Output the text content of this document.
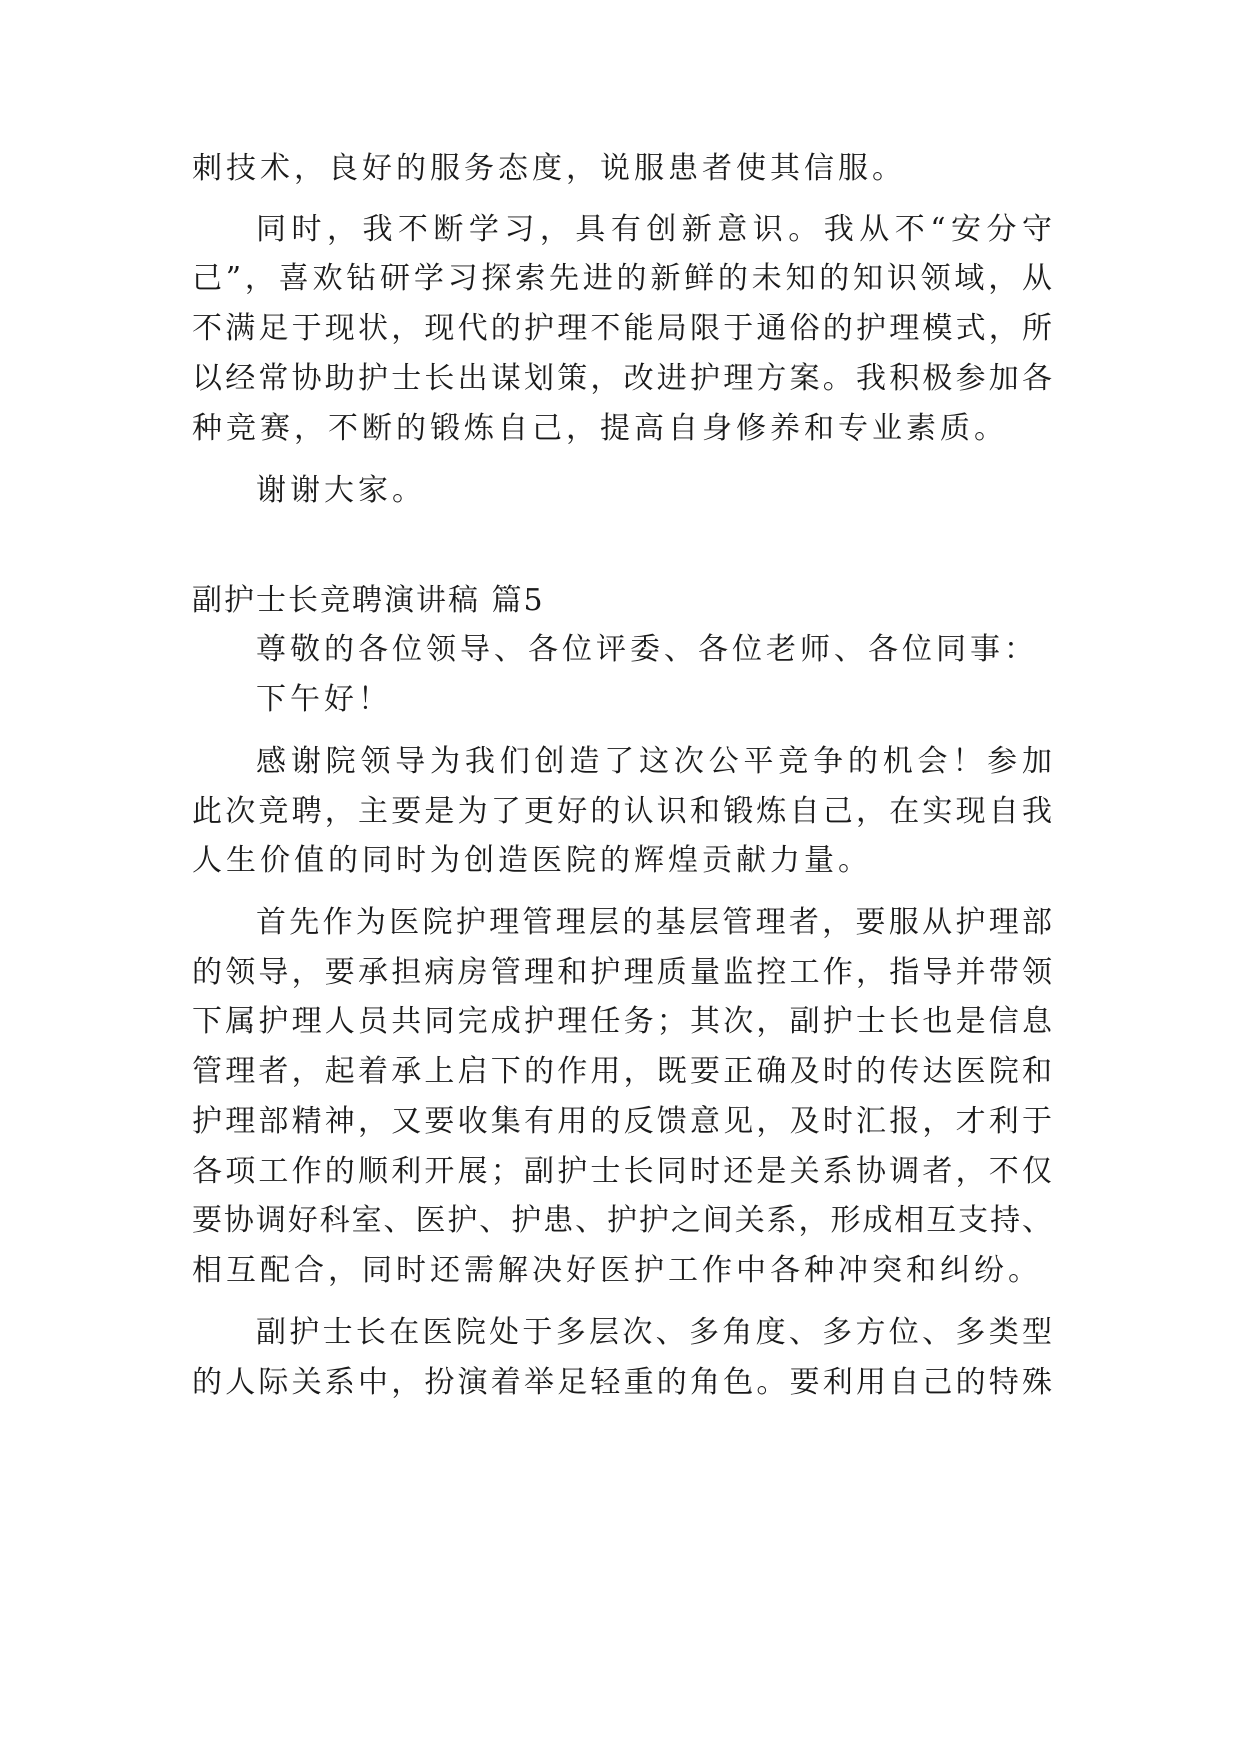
刺技术，良好的服务态度，说服患者使其信服。
同时，我不断学习，具有创新意识。我从不“安分守
己”，喜欢钻研学习探索先进的新鲜的未知的知识领域，从
不满足于现状，现代的护理不能局限于通俗的护理模式，所
以经常协助护士长出谋划策，改进护理方案。我积极参加各
种竞赛，不断的锻炼自己，提高自身修养和专业素质。
谢谢大家。
副护士长竞聘演讲稿 篇5
尊敬的各位领导、各位评委、各位老师、各位同事：
下午好！
感谢院领导为我们创造了这次公平竞争的机会！参加
此次竞聘，主要是为了更好的认识和锻炼自己，在实现自我
人生价值的同时为创造医院的辉煌贡献力量。
首先作为医院护理管理层的基层管理者，要服从护理部
的领导，要承担病房管理和护理质量监控工作，指导并带领
下属护理人员共同完成护理任务；其次，副护士长也是信息
管理者，起着承上启下的作用，既要正确及时的传达医院和
护理部精神，又要收集有用的反馈意见，及时汇报，才利于
各项工作的顺利开展；副护士长同时还是关系协调者，不仅
要协调好科室、医护、护患、护护之间关系，形成相互支持、
相互配合，同时还需解决好医护工作中各种冲突和纠纷。
副护士长在医院处于多层次、多角度、多方位、多类型
的人际关系中，扮演着举足轻重的角色。要利用自己的特殊
